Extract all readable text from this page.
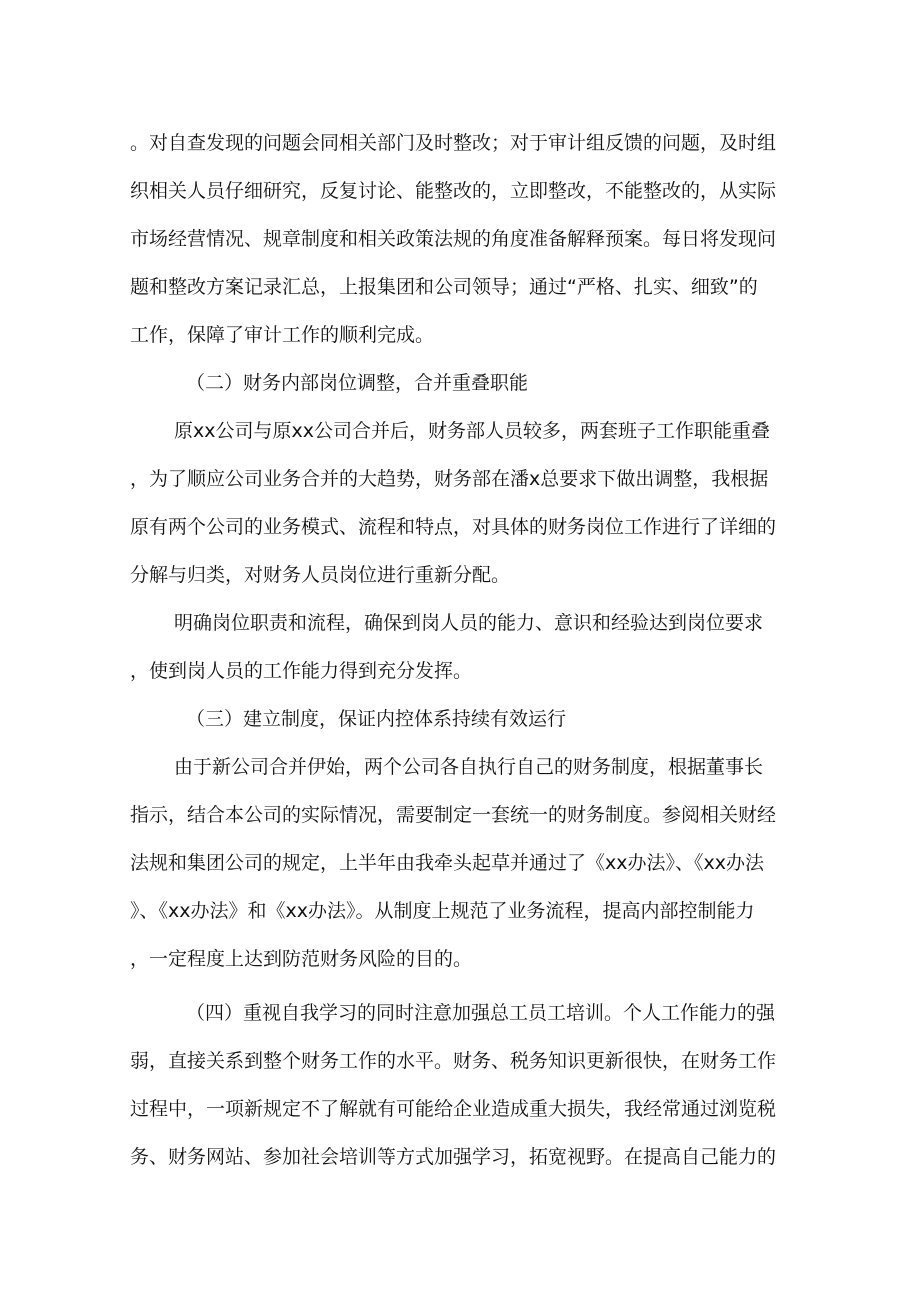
。对自查发现的问题会同相关部门及时整改；对于审计组反馈的问题，及时组
织相关人员仔细研究，反复讨论、能整改的，立即整改，不能整改的，从实际
市场经营情况、规章制度和相关政策法规的角度准备解释预案。每日将发现问
题和整改方案记录汇总，上报集团和公司领导；通过“严格、扎实、细致”的
工作，保障了审计工作的顺利完成。
（二）财务内部岗位调整，合并重叠职能
原xx公司与原xx公司合并后，财务部人员较多，两套班子工作职能重叠
，为了顺应公司业务合并的大趋势，财务部在潘x总要求下做出调整，我根据
原有两个公司的业务模式、流程和特点，对具体的财务岗位工作进行了详细的
分解与归类，对财务人员岗位进行重新分配。
明确岗位职责和流程，确保到岗人员的能力、意识和经验达到岗位要求
，使到岗人员的工作能力得到充分发挥。
（三）建立制度，保证内控体系持续有效运行
由于新公司合并伊始，两个公司各自执行自己的财务制度，根据董事长
指示，结合本公司的实际情况，需要制定一套统一的财务制度。参阅相关财经
法规和集团公司的规定，上半年由我牵头起草并通过了《xx办法》、《xx办法
》、《xx办法》和《xx办法》。从制度上规范了业务流程，提高内部控制能力
，一定程度上达到防范财务风险的目的。
（四）重视自我学习的同时注意加强总工员工培训。个人工作能力的强
弱，直接关系到整个财务工作的水平。财务、税务知识更新很快，在财务工作
过程中，一项新规定不了解就有可能给企业造成重大损失，我经常通过浏览税
务、财务网站、参加社会培训等方式加强学习，拓宽视野。在提高自己能力的
